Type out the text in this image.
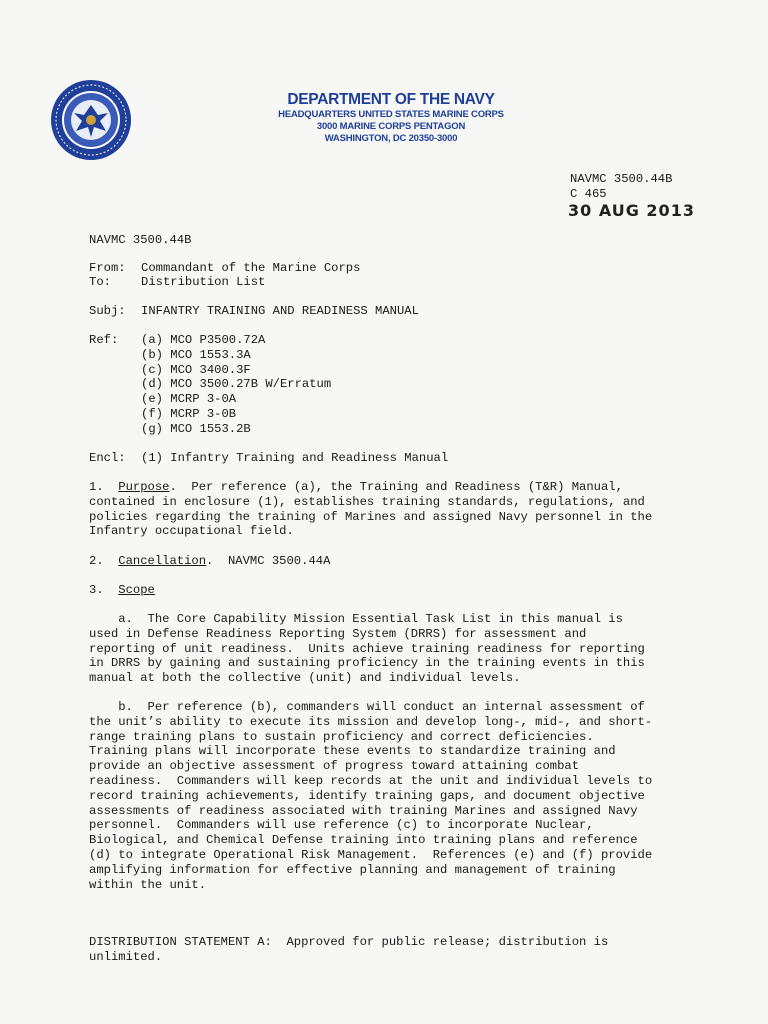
DEPARTMENT OF THE NAVY
HEADQUARTERS UNITED STATES MARINE CORPS
3000 MARINE CORPS PENTAGON
WASHINGTON, DC 20350-3000
NAVMC 3500.44B
C 465
30 AUG 2013
NAVMC 3500.44B
From: Commandant of the Marine Corps
To: Distribution List
Subj: INFANTRY TRAINING AND READINESS MANUAL
Ref: (a) MCO P3500.72A
(b) MCO 1553.3A
(c) MCO 3400.3F
(d) MCO 3500.27B W/Erratum
(e) MCRP 3-0A
(f) MCRP 3-0B
(g) MCO 1553.2B
Encl: (1) Infantry Training and Readiness Manual
1. Purpose.  Per reference (a), the Training and Readiness (T&R) Manual,
contained in enclosure (1), establishes training standards, regulations, and
policies regarding the training of Marines and assigned Navy personnel in the
Infantry occupational field.
2. Cancellation.  NAVMC 3500.44A
3. Scope
a.  The Core Capability Mission Essential Task List in this manual is
used in Defense Readiness Reporting System (DRRS) for assessment and
reporting of unit readiness.  Units achieve training readiness for reporting
in DRRS by gaining and sustaining proficiency in the training events in this
manual at both the collective (unit) and individual levels.
b.  Per reference (b), commanders will conduct an internal assessment of
the unit’s ability to execute its mission and develop long-, mid-, and short-
range training plans to sustain proficiency and correct deficiencies.
Training plans will incorporate these events to standardize training and
provide an objective assessment of progress toward attaining combat
readiness.  Commanders will keep records at the unit and individual levels to
record training achievements, identify training gaps, and document objective
assessments of readiness associated with training Marines and assigned Navy
personnel.  Commanders will use reference (c) to incorporate Nuclear,
Biological, and Chemical Defense training into training plans and reference
(d) to integrate Operational Risk Management.  References (e) and (f) provide
amplifying information for effective planning and management of training
within the unit.
DISTRIBUTION STATEMENT A:  Approved for public release; distribution is
unlimited.
